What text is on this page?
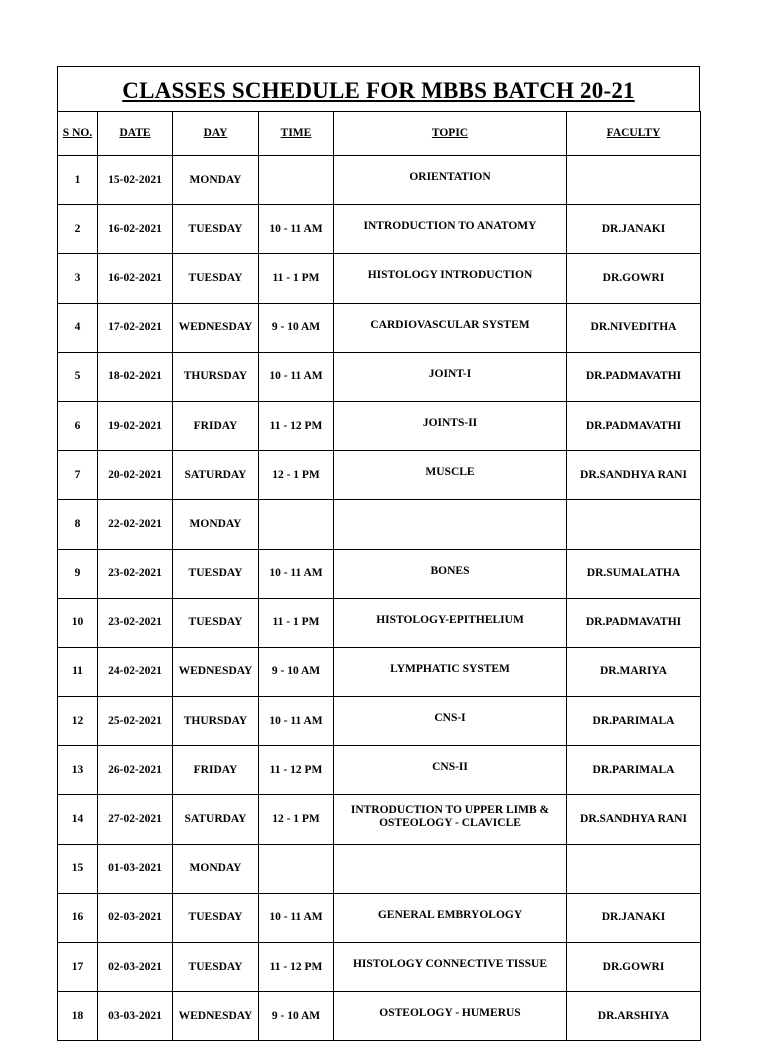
CLASSES SCHEDULE FOR MBBS BATCH 20-21
S NO.	DATE	DAY	TIME	TOPIC	FACULTY
1	15-02-2021	MONDAY		ORIENTATION	
2	16-02-2021	TUESDAY	10 - 11 AM	INTRODUCTION TO ANATOMY	DR.JANAKI
3	16-02-2021	TUESDAY	11 - 1 PM	HISTOLOGY INTRODUCTION	DR.GOWRI
4	17-02-2021	WEDNESDAY	9 - 10 AM	CARDIOVASCULAR SYSTEM	DR.NIVEDITHA
5	18-02-2021	THURSDAY	10 - 11 AM	JOINT-I	DR.PADMAVATHI
6	19-02-2021	FRIDAY	11 - 12 PM	JOINTS-II	DR.PADMAVATHI
7	20-02-2021	SATURDAY	12 - 1 PM	MUSCLE	DR.SANDHYA RANI
8	22-02-2021	MONDAY			
9	23-02-2021	TUESDAY	10 - 11 AM	BONES	DR.SUMALATHA
10	23-02-2021	TUESDAY	11 - 1 PM	HISTOLOGY-EPITHELIUM	DR.PADMAVATHI
11	24-02-2021	WEDNESDAY	9 - 10 AM	LYMPHATIC SYSTEM	DR.MARIYA
12	25-02-2021	THURSDAY	10 - 11 AM	CNS-I	DR.PARIMALA
13	26-02-2021	FRIDAY	11 - 12 PM	CNS-II	DR.PARIMALA
14	27-02-2021	SATURDAY	12 - 1 PM	INTRODUCTION TO UPPER LIMB & OSTEOLOGY - CLAVICLE	DR.SANDHYA RANI
15	01-03-2021	MONDAY			
16	02-03-2021	TUESDAY	10 - 11 AM	GENERAL EMBRYOLOGY	DR.JANAKI
17	02-03-2021	TUESDAY	11 - 12 PM	HISTOLOGY CONNECTIVE TISSUE	DR.GOWRI
18	03-03-2021	WEDNESDAY	9 - 10 AM	OSTEOLOGY - HUMERUS	DR.ARSHIYA
